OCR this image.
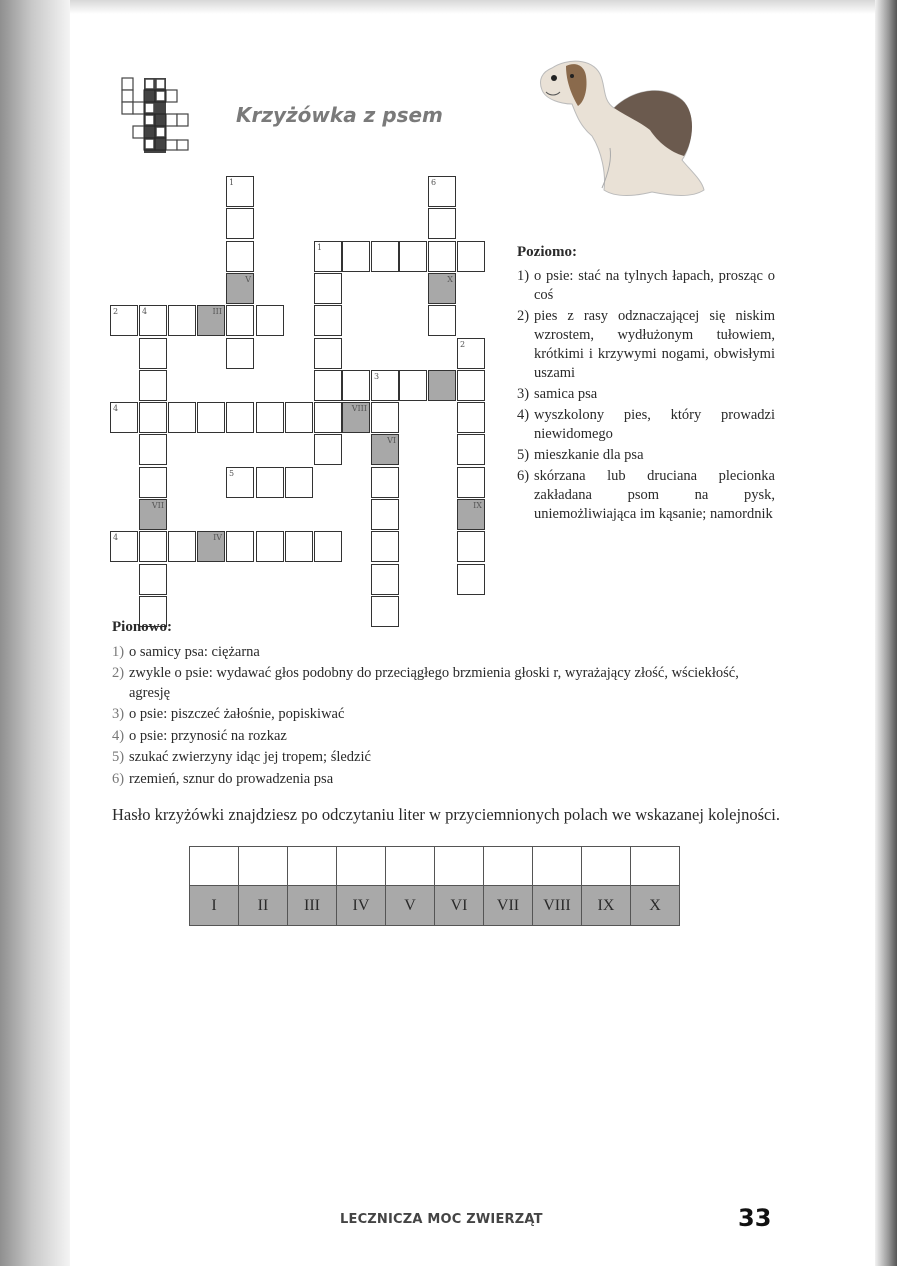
Krzyżówka z psem
1
V
6
X
1
2	4	III
VII
2
IX
3
VI
4	VIII
5
4	IV
Poziomo:
1) o psie: stać na tylnych łapach, prosząc o coś
2) pies z rasy odznaczającej się niskim wzrostem, wydłużonym tułowiem, krótkimi i krzywymi nogami, obwisłymi uszami
3) samica psa
4) wyszkolony pies, który prowadzi niewidomego
5) mieszkanie dla psa
6) skórzana lub druciana plecionka zakładana psom na pysk, uniemożliwiająca im kąsanie; namordnik
Pionowo:
1) o samicy psa: ciężarna
2) zwykle o psie: wydawać głos podobny do przeciągłego brzmienia głoski r, wyrażający złość, wściekłość, agresję
3) o psie: piszczeć żałośnie, popiskiwać
4) o psie: przynosić na rozkaz
5) szukać zwierzyny idąc jej tropem; śledzić
6) rzemień, sznur do prowadzenia psa
Hasło krzyżówki znajdziesz po odczytaniu liter w przyciemnionych polach we wskazanej kolejności.

I	II	III	IV	V	VI	VII	VIII	IX	X
LECZNICZA MOC ZWIERZĄT	33
